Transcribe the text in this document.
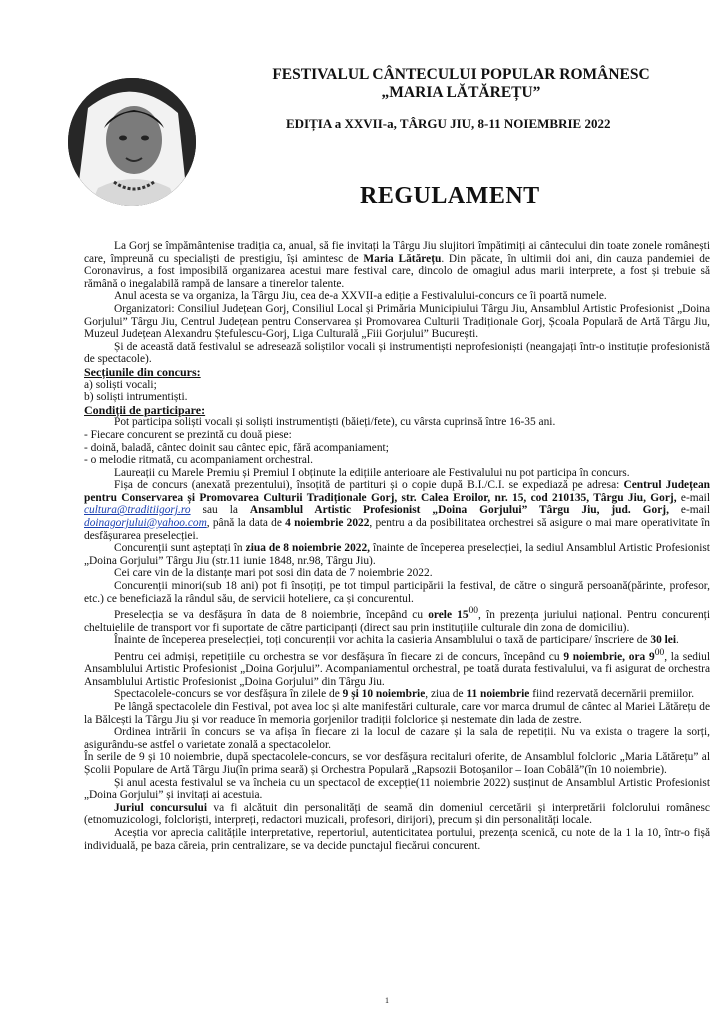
FESTIVALUL CÂNTECULUI POPULAR ROMÂNESC
„MARIA LĂTĂREȚU”
EDIȚIA a XXVII-a, TÂRGU JIU, 8-11 NOIEMBRIE 2022
REGULAMENT

La Gorj se împământenise tradiția ca, anual, să fie invitați la Târgu Jiu slujitori împătimiți ai cântecului din toate zonele românești care, împreună cu specialiști de prestigiu, își amintesc de Maria Lătărețu. Din păcate, în ultimii doi ani, din cauza pandemiei de Coronavirus, a fost imposibilă organizarea acestui mare festival care, dincolo de omagiul adus marii interprete, a fost și trebuie să rămână o inegalabilă rampă de lansare a tinerelor talente.

Anul acesta se va organiza, la Târgu Jiu, cea de-a XXVII-a ediție a Festivalului-concurs ce îi poartă numele.

Organizatori: Consiliul Județean Gorj, Consiliul Local și Primăria Municipiului Târgu Jiu, Ansamblul Artistic Profesionist „Doina Gorjului” Târgu Jiu, Centrul Județean pentru Conservarea și Promovarea Culturii Tradiționale Gorj, Școala Populară de Artă Târgu Jiu, Muzeul Județean Alexandru Ștefulescu-Gorj, Liga Culturală „Fiii Gorjului” București.

Și de această dată festivalul se adresează soliștilor vocali și instrumentiști neprofesioniști (neangajați într-o instituție profesionistă de spectacole).

Secțiunile din concurs:

a) soliști vocali;

b) soliști intrumentiști.

Condiții de participare:

Pot participa soliști vocali și soliști instrumentiști (băieți/fete), cu vârsta cuprinsă între 16-35 ani.

- Fiecare concurent se prezintă cu două piese:

- doină, baladă, cântec doinit sau cântec epic, fără acompaniament;

- o melodie ritmată, cu acompaniament orchestral.

Laureații cu Marele Premiu și Premiul I obținute la edițiile anterioare ale Festivalului nu pot participa în concurs.

Fișa de concurs (anexată prezentului), însoțită de partituri și o copie după B.I./C.I. se expediază pe adresa: Centrul Județean pentru Conservarea și Promovarea Culturii Tradiționale Gorj, str. Calea Eroilor, nr. 15, cod 210135, Târgu Jiu, Gorj, e-mail cultura@traditiigorj.ro sau la Ansamblul Artistic Profesionist „Doina Gorjului” Târgu Jiu, jud. Gorj, e-mail doinagorjului@yahoo.com, până la data de 4 noiembrie 2022, pentru a da posibilitatea orchestrei să asigure o mai mare operativitate în desfășurarea preselecției.

Concurenții sunt așteptați în ziua de 8 noiembrie 2022, înainte de începerea preselecției, la sediul Ansamblul Artistic Profesionist „Doina Gorjului” Târgu Jiu (str.11 iunie 1848, nr.98, Târgu Jiu).

Cei care vin de la distanțe mari pot sosi din data de 7 noiembrie 2022.

Concurenții minori(sub 18 ani) pot fi însoțiți, pe tot timpul participării la festival, de către o singură persoană(părinte, profesor, etc.) ce beneficiază la rândul său, de servicii hoteliere, ca și concurentul.

Preselecția se va desfășura în data de 8 noiembrie, începând cu orele $15^{00}$, în prezența juriului național. Pentru concurenți cheltuielile de transport vor fi suportate de către participanți (direct sau prin instituțiile culturale din zona de domiciliu).

Înainte de începerea preselecției, toți concurenții vor achita la casieria Ansamblului o taxă de participare/ înscriere de 30 lei.

Pentru cei admiși, repetițiile cu orchestra se vor desfășura în fiecare zi de concurs, începând cu 9 noiembrie, ora $9^{00}$, la sediul Ansamblului Artistic Profesionist „Doina Gorjului”. Acompaniamentul orchestral, pe toată durata festivalului, va fi asigurat de orchestra Ansamblului Artistic Profesionist „Doina Gorjului” din Târgu Jiu.

Spectacolele-concurs se vor desfășura în zilele de 9 și 10 noiembrie, ziua de 11 noiembrie fiind rezervată decernării premiilor.

Pe lângă spectacolele din Festival, pot avea loc și alte manifestări culturale, care vor marca drumul de cântec al Mariei Lătărețu de la Bălcești la Târgu Jiu și vor readuce în memoria gorjenilor tradiții folclorice și nestemate din lada de zestre.

Ordinea intrării în concurs se va afișa în fiecare zi la locul de cazare și la sala de repetiții. Nu va exista o tragere la sorți, asigurându-se astfel o varietate zonală a spectacolelor.

În serile de 9 și 10 noiembrie, după spectacolele-concurs, se vor desfășura recitaluri oferite, de Ansamblul folcloric „Maria Lătărețu” al Școlii Populare de Artă Târgu Jiu(în prima seară) și Orchestra Populară „Rapsozii Botoșanilor – Ioan Cobâlă”(în 10 noiembrie).

Și anul acesta festivalul se va încheia cu un spectacol de excepție(11 noiembrie 2022) susținut de Ansamblul Artistic Profesionist „Doina Gorjului” și invitați ai acestuia.

Juriul concursului va fi alcătuit din personalități de seamă din domeniul cercetării și interpretării folclorului românesc (etnomuzicologi, folcloriști, interpreți, redactori muzicali, profesori, dirijori), precum și din personalități locale.

Aceștia vor aprecia calitățile interpretative, repertoriul, autenticitatea portului, prezența scenică, cu note de la 1 la 10, într-o fișă individuală, pe baza căreia, prin centralizare, se va decide punctajul fiecărui concurent.

1
